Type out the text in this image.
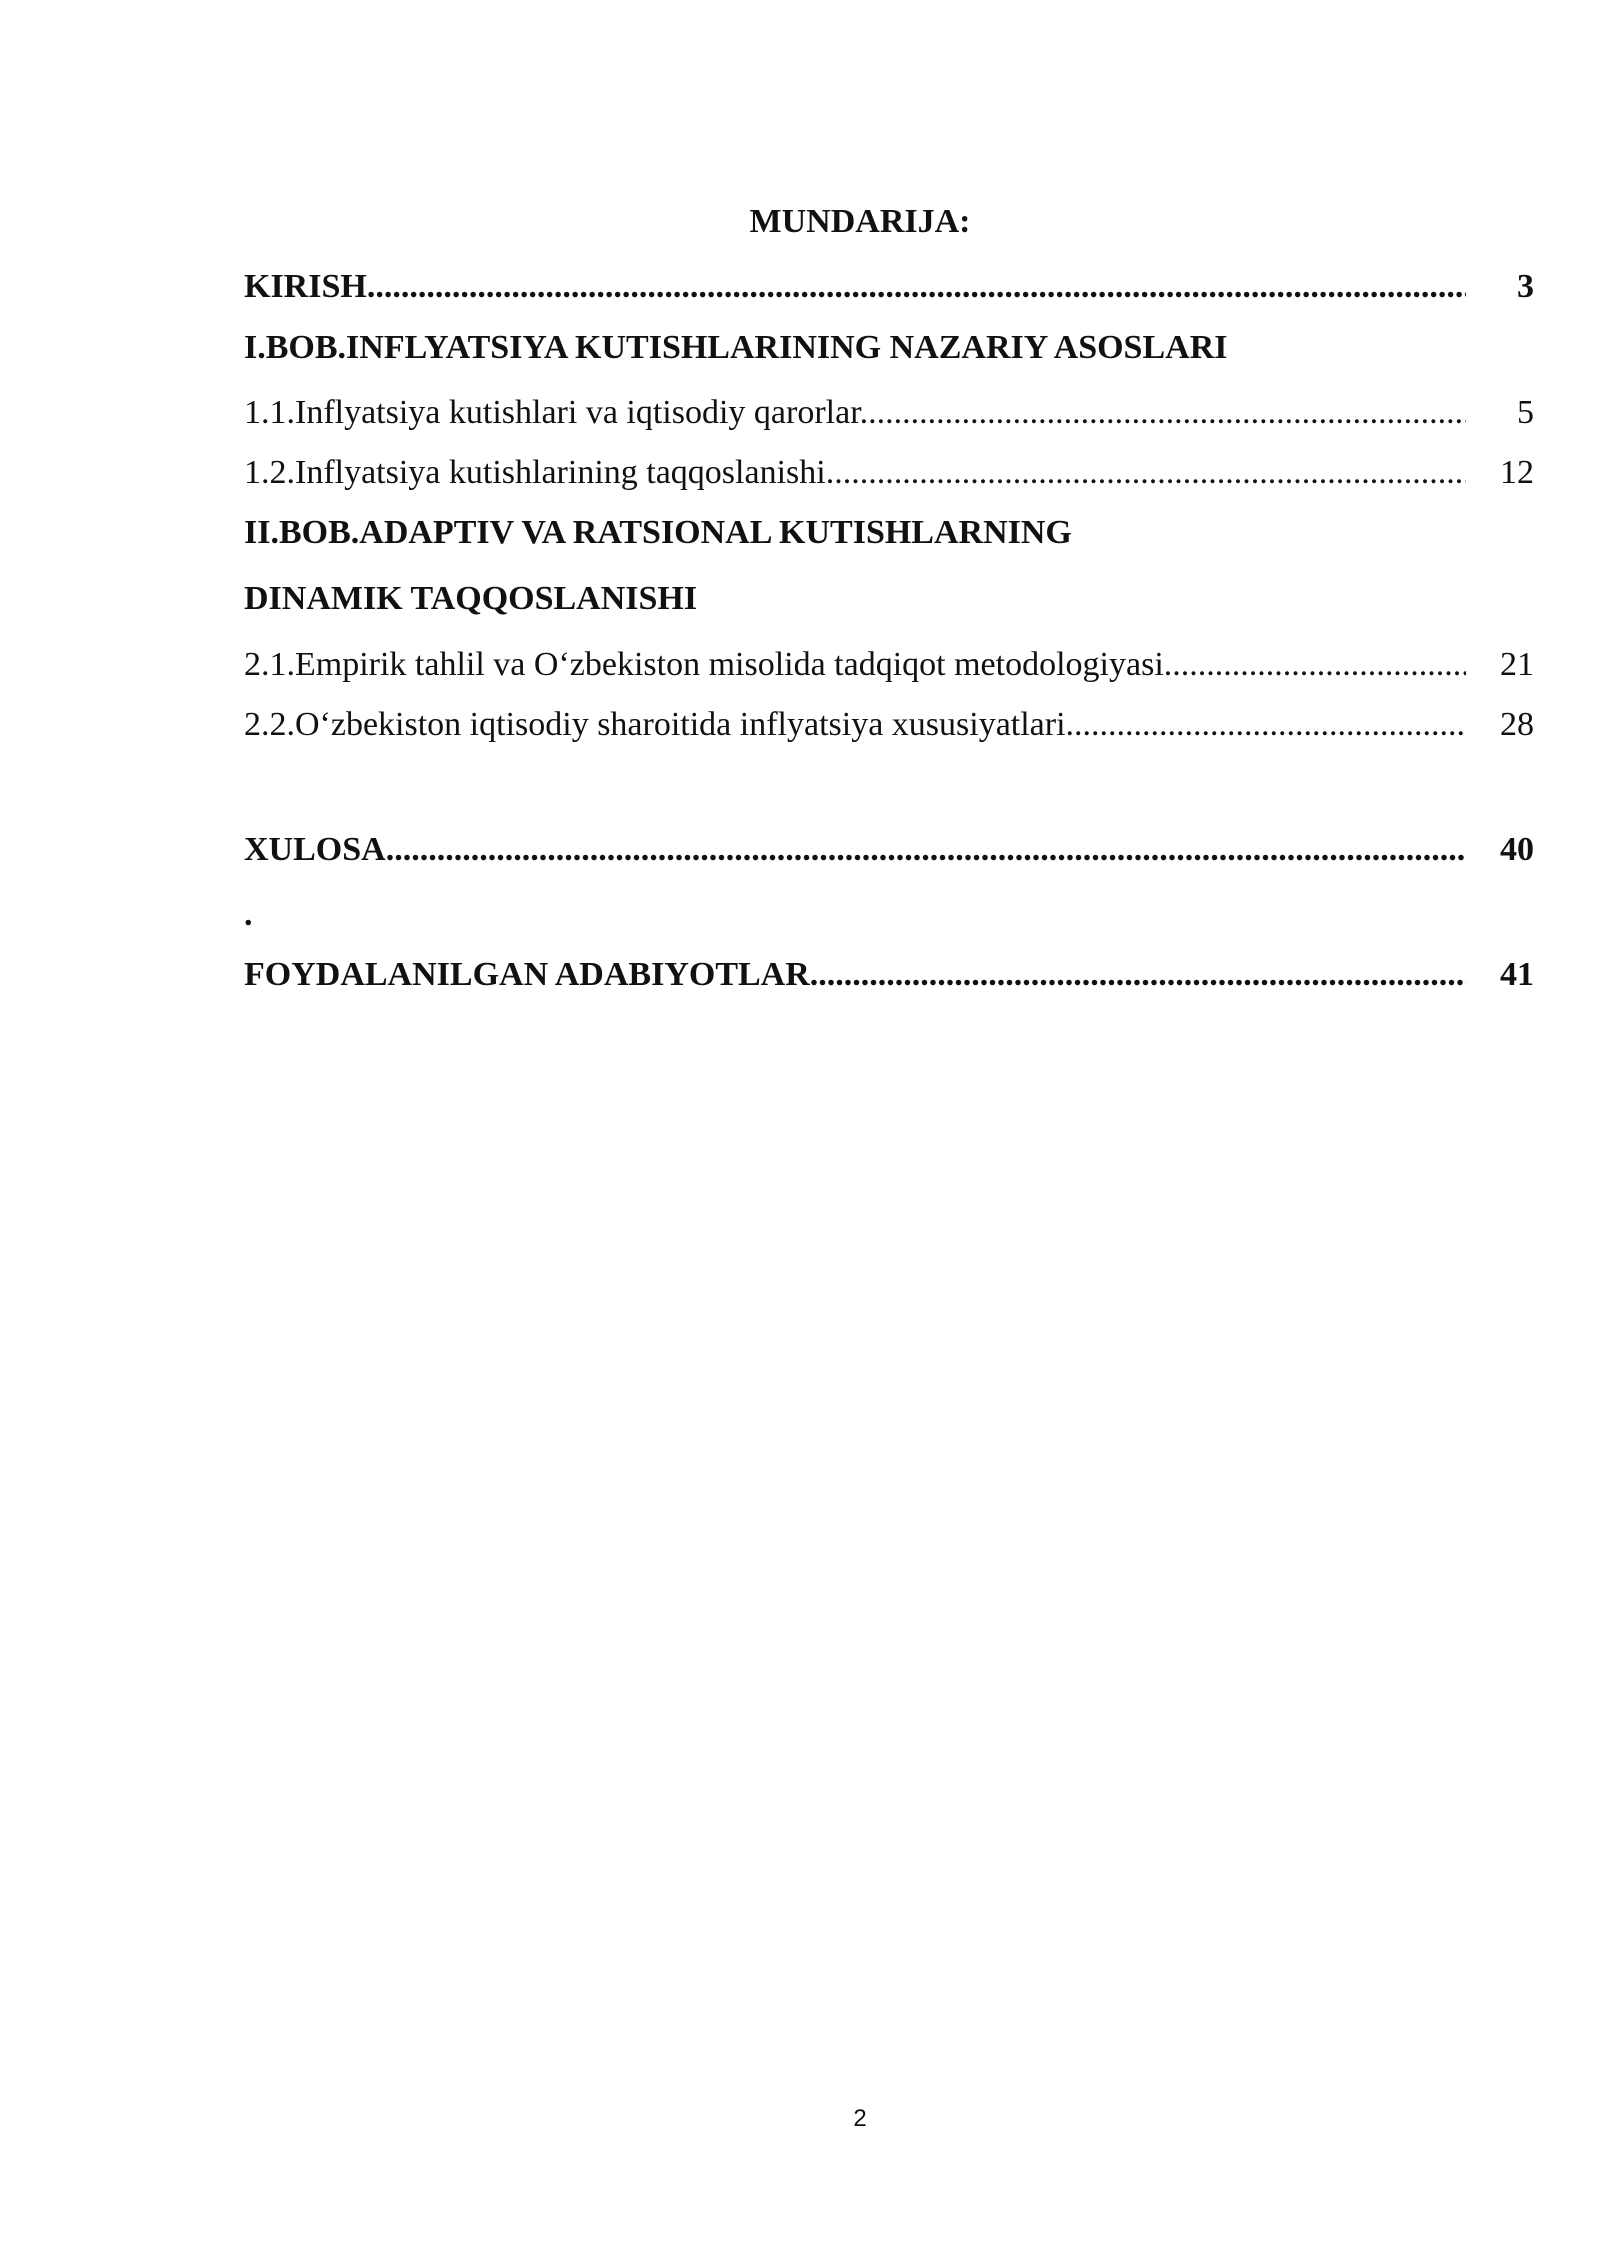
MUNDARIJA:
KIRISH .....	3
I.BOB.INFLYATSIYA KUTISHLARINING NAZARIY ASOSLARI
1.1.Inflyatsiya kutishlari va iqtisodiy qarorlar .....	5
1.2.Inflyatsiya kutishlarining taqqoslanishi .....	12
II.BOB.ADAPTIV VA RATSIONAL KUTISHLARNING
DINAMIK TAQQOSLANISHI
2.1.Empirik tahlil va O‘zbekiston misolida tadqiqot metodologiyasi .....	21
2.2.O‘zbekiston iqtisodiy sharoitida inflyatsiya xususiyatlari .....	28
XULOSA .....	40
.
FOYDALANILGAN ADABIYOTLAR .....	41
2
